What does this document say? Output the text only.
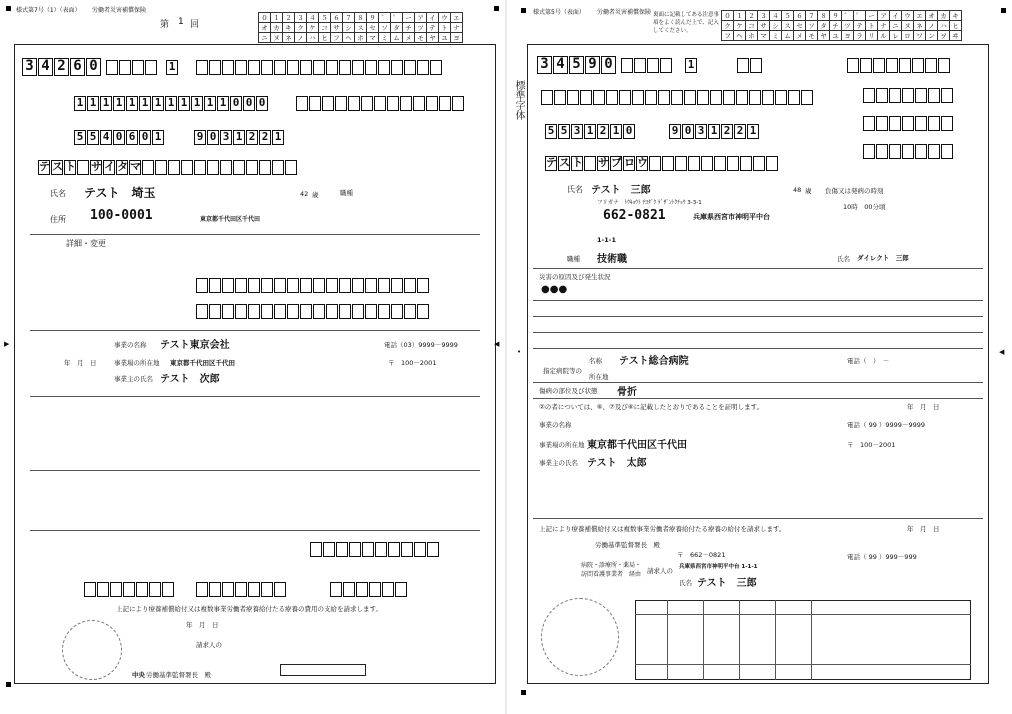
様式第7号（1）（表面） 労働者災害補償保険
第 1 回
０	１	２	３	４	５	６	７	８	９	゛	゜	ー	ア	イ	ウ	エ
オ	カ	キ	ク	ケ	コ	サ	シ	ス	セ	ソ	タ	チ	ツ	テ	ト	ナ
ニ	ヌ	ネ	ノ	ハ	ヒ	フ	ヘ	ホ	マ	ミ	ム	メ	モ	ヤ	ユ	ヨ
3 4 2 6 0	1
1 1 1 1 1 1 1 1 1 1 1 1 0 0 0
5 5 4 0 6 0 1	9 0 3 1 2 2 1
テ ス ト サ イ タ マ
氏名 テスト　埼玉	42 歳	職種
住所 100-0001	東京都千代田区千代田
詳細・変更
事業の名称 テスト東京会社	電話（03）9999－9999
年　月　日	事業場の所在地 東京都千代田区千代田	〒　100－2001
事業主の氏名 テスト　次郎
上記により療養補償給付又は複数事業労働者療養給付たる療養の費用の支給を請求します。
年　月　日
請求人の
中央 労働基準監督署長　殿
▶	◀
様式第5号（表面） 労働者災害補償保険 裏面に記載してある注意事項をよく読んだ上で、記入してください。
０	１	２	３	４	５	６	７	８	９	゛	゜	ー	ア	イ	ウ	エ	オ	カ	キ
ク	ケ	コ	サ	シ	ス	セ	ソ	タ	チ	ツ	テ	ト	ナ	ニ	ヌ	ネ	ノ	ハ	ヒ
フ	ヘ	ホ	マ	ミ	ム	メ	モ	ヤ	ユ	ヨ	ラ	リ	ル	レ	ロ	ワ	ン	ヲ	ヰ
標準字体
3 4 5 9 0	1
5 5 3 1 2 1 0	9 0 3 1 2 2 1
テ ス ト サ ブ ロ ウ
氏名 テスト　三郎	48 歳 負傷又は発病の時刻
10時　00分頃
フリガナ　ﾄｳｷｮｳﾄ ﾁﾖﾀﾞｸ ｹﾞｻﾞﾝﾄｸﾁｮｳ 3-3-1
662-0821	兵庫県西宮市神明平中台
1-1-1
職種 技術職	氏名 ダイレクト　三郎
災害の原因及び発生状況
●●●
指定病院等の
名称 テスト総合病院	電話（　）　－
所在地
傷病の部位及び状態 骨折
②の者については、⑥、⑦及び⑥に記載したとおりであることを証明します。	年　月　日
事業の名称	電話（ 99 ）9999－9999
事業場の所在地 東京都千代田区千代田	〒　100－2001
事業主の氏名 テスト　太郎
上記により療養補償給付又は複数事業労働者療養給付たる療養の給付を請求します。	年　月　日
労働基準監督署長　殿
病院・診療所・薬局・訪問看護事業者　経由
〒　662－0821	電話（ 99 ）999－999
請求人の 兵庫県西宮市神明平中台 1-1-1
氏名 テスト　三郎
•	◀
